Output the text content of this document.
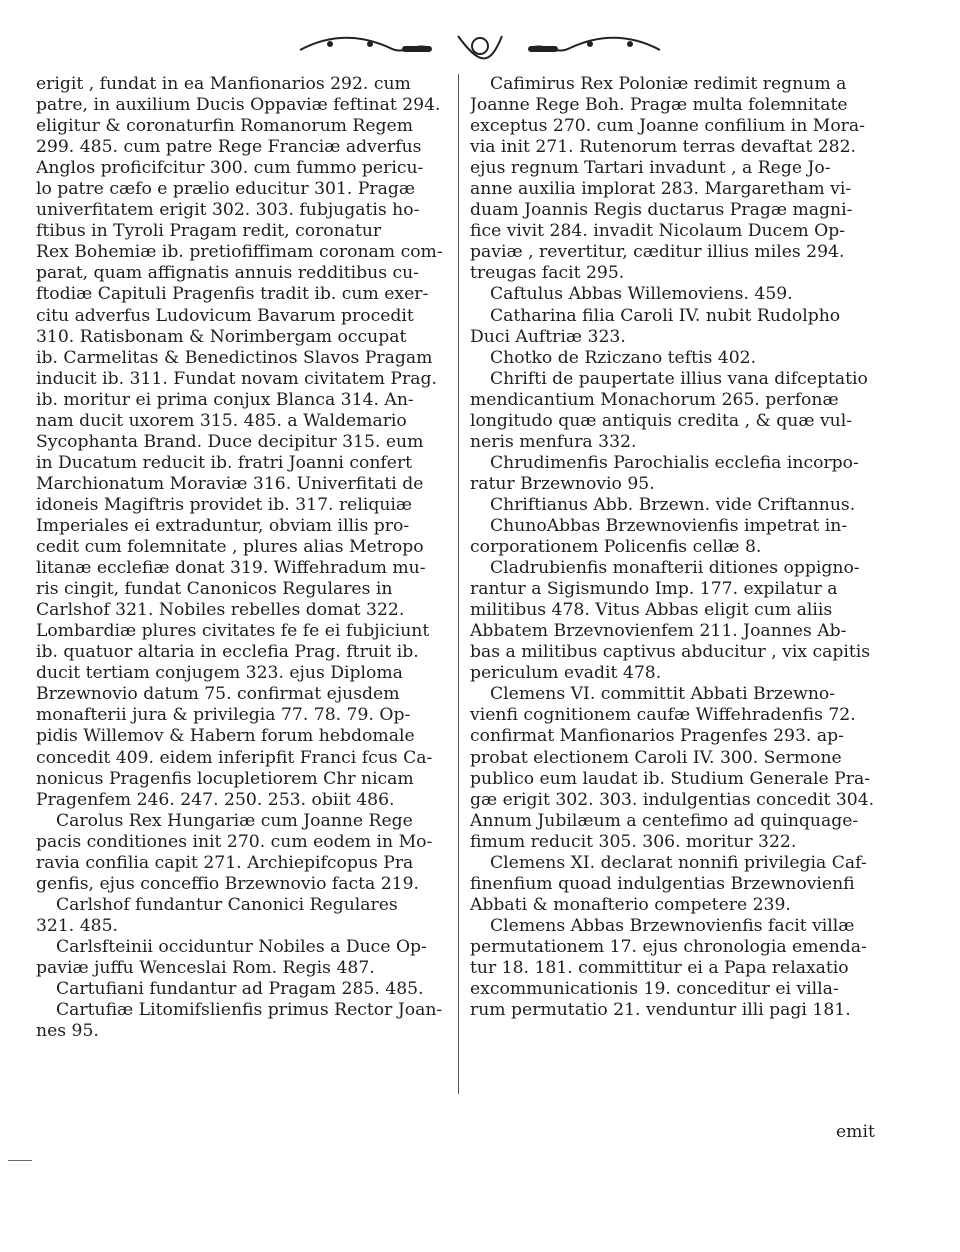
erigit , fundat in ea Manfionarios 292. cum
patre, in auxilium Ducis Oppaviæ feftinat 294.
eligitur & coronaturfin Romanorum Regem
299. 485. cum patre Rege Franciæ adverfus
Anglos proficifcitur 300. cum fummo pericu-
lo patre cæfo e prælio educitur 301. Pragæ
univerfitatem erigit 302. 303. fubjugatis ho-
ftibus in Tyroli Pragam redit, coronatur
Rex Bohemiæ ib. pretiofiffimam coronam com-
parat, quam affignatis annuis redditibus cu-
ftodiæ Capituli Pragenfis tradit ib. cum exer-
citu adverfus Ludovicum Bavarum procedit
310. Ratisbonam & Norimbergam occupat
ib. Carmelitas & Benedictinos Slavos Pragam
inducit ib. 311. Fundat novam civitatem Prag.
ib. moritur ei prima conjux Blanca 314. An-
nam ducit uxorem 315. 485. a Waldemario
Sycophanta Brand. Duce decipitur 315. eum
in Ducatum reducit ib. fratri Joanni confert
Marchionatum Moraviæ 316. Univerfitati de
idoneis Magiftris providet ib. 317. reliquiæ
Imperiales ei extraduntur, obviam illis pro-
cedit cum folemnitate , plures alias Metropo
litanæ ecclefiæ donat 319. Wiffehradum mu-
ris cingit, fundat Canonicos Regulares in
Carlshof 321. Nobiles rebelles domat 322.
Lombardiæ plures civitates fe fe ei fubjiciunt
ib. quatuor altaria in ecclefia Prag. ftruit ib.
ducit tertiam conjugem 323. ejus Diploma
Brzewnovio datum 75. confirmat ejusdem
monafterii jura & privilegia 77. 78. 79. Op-
pidis Willemov & Habern forum hebdomale
concedit 409. eidem inferipfit Franci fcus Ca-
nonicus Pragenfis locupletiorem Chr nicam
Pragenfem 246. 247. 250. 253. obiit 486.
Carolus Rex Hungariæ cum Joanne Rege
pacis conditiones init 270. cum eodem in Mo-
ravia confilia capit 271. Archiepifcopus Pra
genfis, ejus conceffio Brzewnovio facta 219.
Carlshof fundantur Canonici Regulares
321. 485.
Carlsfteinii occiduntur Nobiles a Duce Op-
paviæ juffu Wenceslai Rom. Regis 487.
Cartufiani fundantur ad Pragam 285. 485.
Cartufiæ Litomifslienfis primus Rector Joan-
nes 95.
Cafimirus Rex Poloniæ redimit regnum a
Joanne Rege Boh. Pragæ multa folemnitate
exceptus 270. cum Joanne confilium in Mora-
via init 271. Rutenorum terras devaftat 282.
ejus regnum Tartari invadunt , a Rege Jo-
anne auxilia implorat 283. Margaretham vi-
duam Joannis Regis ductarus Pragæ magni-
fice vivit 284. invadit Nicolaum Ducem Op-
paviæ , revertitur, cæditur illius miles 294.
treugas facit 295.
Caftulus Abbas Willemoviens. 459.
Catharina filia Caroli IV. nubit Rudolpho
Duci Auftriæ 323.
Chotko de Rziczano teftis 402.
Chrifti de paupertate illius vana difceptatio
mendicantium Monachorum 265. perfonæ
longitudo quæ antiquis credita , & quæ vul-
neris menfura 332.
Chrudimenfis Parochialis ecclefia incorpo-
ratur Brzewnovio 95.
Chriftianus Abb. Brzewn. vide Criftannus.
ChunoAbbas Brzewnovienfis impetrat in-
corporationem Policenfis cellæ 8.
Cladrubienfis monafterii ditiones oppigno-
rantur a Sigismundo Imp. 177. expilatur a
militibus 478. Vitus Abbas eligit cum aliis
Abbatem Brzevnovienfem 211. Joannes Ab-
bas a militibus captivus abducitur , vix capitis
periculum evadit 478.
Clemens VI. committit Abbati Brzewno-
vienfi cognitionem caufæ Wiffehradenfis 72.
confirmat Manfionarios Pragenfes 293. ap-
probat electionem Caroli IV. 300. Sermone
publico eum laudat ib. Studium Generale Pra-
gæ erigit 302. 303. indulgentias concedit 304.
Annum Jubilæum a centefimo ad quinquage-
fimum reducit 305. 306. moritur 322.
Clemens XI. declarat nonnifi privilegia Caf-
finenfium quoad indulgentias Brzewnovienfi
Abbati & monafterio competere 239.
Clemens Abbas Brzewnovienfis facit villæ
permutationem 17. ejus chronologia emenda-
tur 18. 181. committitur ei a Papa relaxatio
excommunicationis 19. conceditur ei villa-
rum permutatio 21. venduntur illi pagi 181.
emit
